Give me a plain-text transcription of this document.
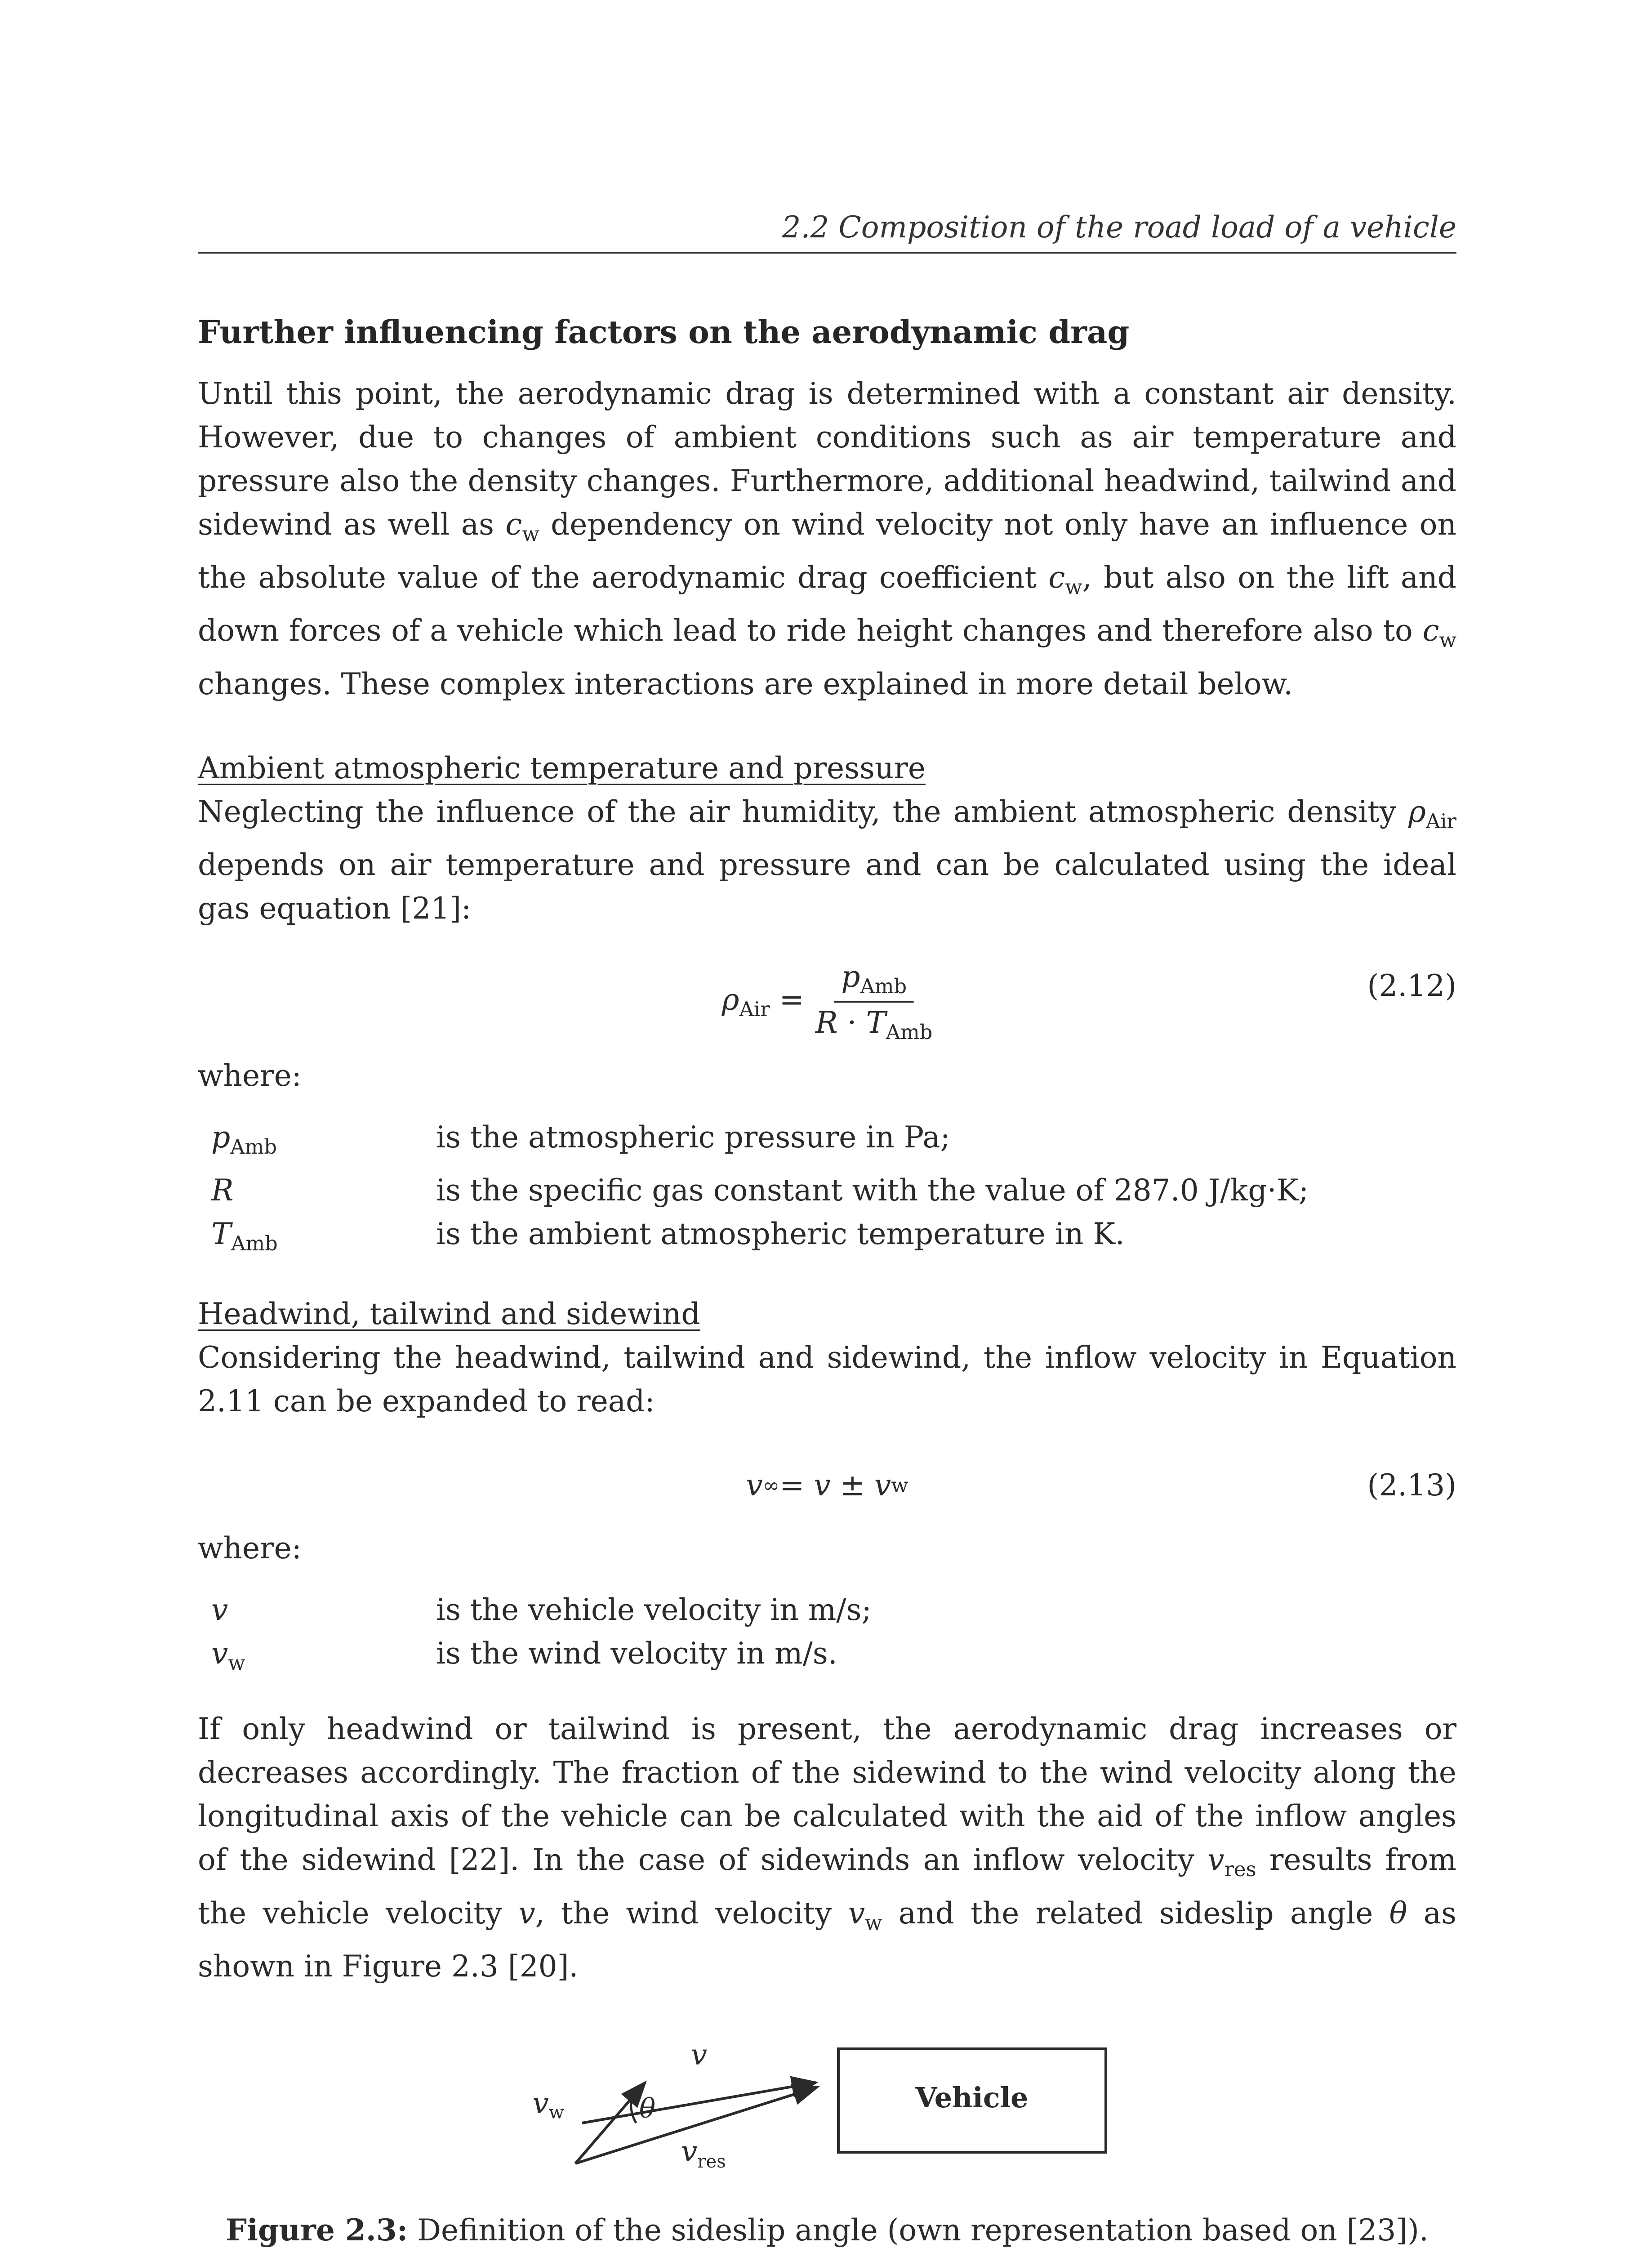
2.2 Composition of the road load of a vehicle
Further influencing factors on the aerodynamic drag

Until this point, the aerodynamic drag is determined with a constant air density. However, due to changes of ambient conditions such as air temperature and pressure also the density changes. Furthermore, additional headwind, tailwind and sidewind as well as $c_w$ dependency on wind velocity not only have an influence on the absolute value of the aerodynamic drag coefficient $c_w$, but also on the lift and down forces of a vehicle which lead to ride height changes and therefore also to $c_w$ changes. These complex interactions are explained in more detail below.

Ambient atmospheric temperature and pressure

Neglecting the influence of the air humidity, the ambient atmospheric density $\rho_{Air}$ depends on air temperature and pressure and can be calculated using the ideal gas equation [21]:

$\rho_{Air} = \frac{p_{Amb}}{R \cdot T_{Amb}}$	(2.12)
where:
$p_{Amb}$	is the atmospheric pressure in Pa;
R	is the specific gas constant with the value of 287.0 J/kg·K;
$T_{Amb}$	is the ambient atmospheric temperature in K.
Headwind, tailwind and sidewind

Considering the headwind, tailwind and sidewind, the inflow velocity in Equation 2.11 can be expanded to read:

v ∞ = v ± v w	(2.13)
where:
v	is the vehicle velocity in m/s;
$v_w$	is the wind velocity in m/s.

If only headwind or tailwind is present, the aerodynamic drag increases or decreases accordingly. The fraction of the sidewind to the wind velocity along the longitudinal axis of the vehicle can be calculated with the aid of the inflow angles of the sidewind [22]. In the case of sidewinds an inflow velocity $v_{res}$ results from the vehicle velocity v, the wind velocity $v_w$ and the related sideslip angle θ as shown in Figure 2.3 [20].

Vehicle
v
vw	θ
$v_{res}$
Figure 2.3: Definition of the sideslip angle (own representation based on [23]).
